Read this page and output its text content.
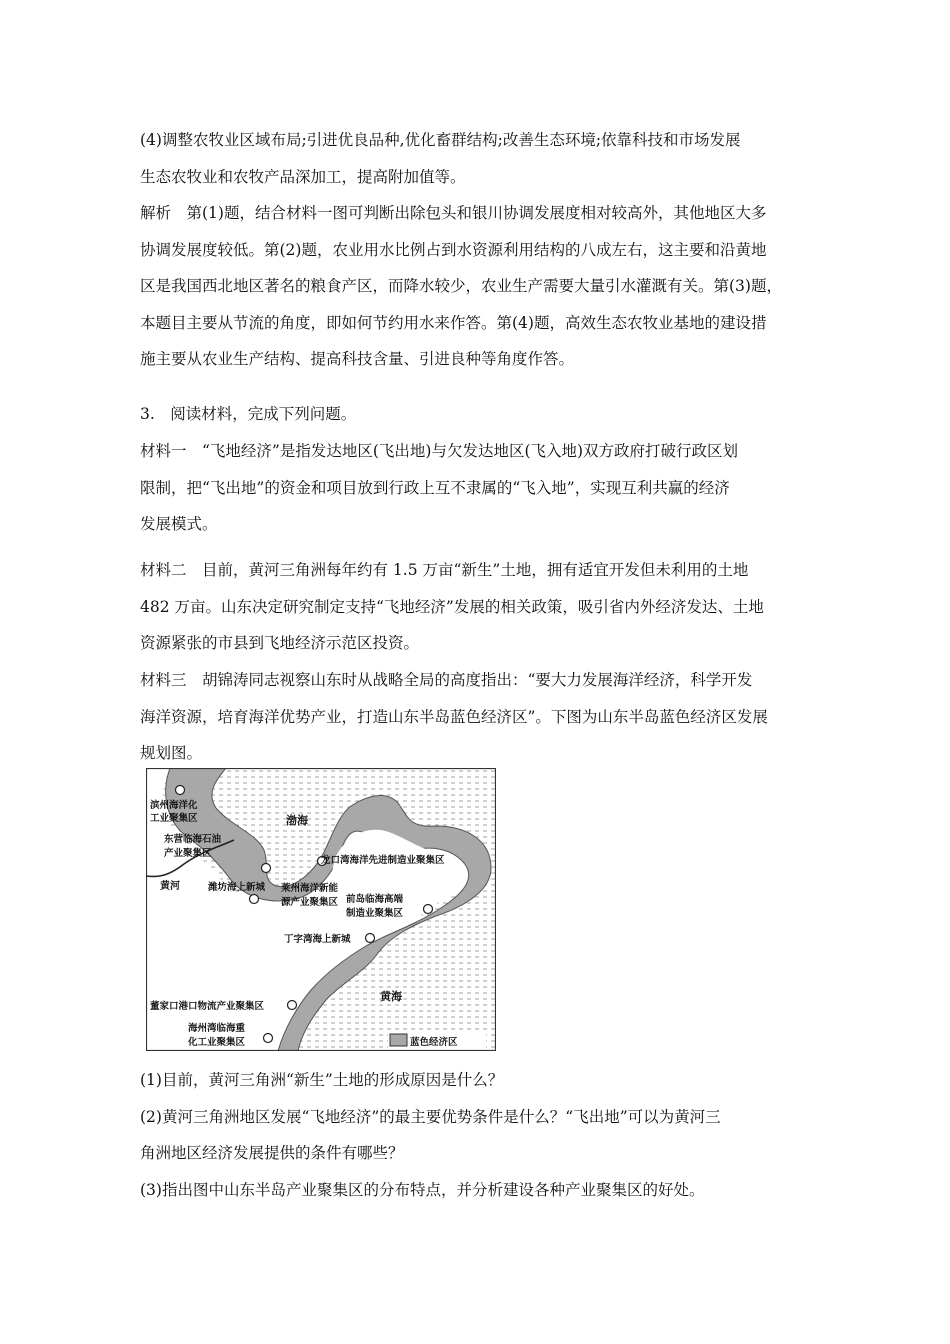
(4)调整农牧业区域布局;引进优良品种,优化畜群结构;改善生态环境;依靠科技和市场发展
生态农牧业和农牧产品深加工，提高附加值等。
解析　第(1)题，结合材料一图可判断出除包头和银川协调发展度相对较高外，其他地区大多
协调发展度较低。第(2)题，农业用水比例占到水资源利用结构的八成左右，这主要和沿黄地
区是我国西北地区著名的粮食产区，而降水较少，农业生产需要大量引水灌溉有关。第(3)题，
本题目主要从节流的角度，即如何节约用水来作答。第(4)题，高效生态农牧业基地的建设措
施主要从农业生产结构、提高科技含量、引进良种等角度作答。
3.　阅读材料，完成下列问题。
材料一　“飞地经济”是指发达地区(飞出地)与欠发达地区(飞入地)双方政府打破行政区划
限制，把“飞出地”的资金和项目放到行政上互不隶属的“飞入地”，实现互利共赢的经济
发展模式。
材料二　目前，黄河三角洲每年约有 1.5 万亩“新生”土地，拥有适宜开发但未利用的土地
482 万亩。山东决定研究制定支持“飞地经济”发展的相关政策，吸引省内外经济发达、土地
资源紧张的市县到飞地经济示范区投资。
材料三　胡锦涛同志视察山东时从战略全局的高度指出：“要大力发展海洋经济，科学开发
海洋资源，培育海洋优势产业，打造山东半岛蓝色经济区”。下图为山东半岛蓝色经济区发展
规划图。
渤海
黄海
黄河
滨州海洋化
工业聚集区
东营临海石油
产业聚集区
潍坊海上新城 莱州海洋新能
源产业聚集区
龙口湾海洋先进制造业聚集区
前岛临海高端
制造业聚集区
丁字湾海上新城
董家口港口物流产业聚集区
海州湾临海重
化工业聚集区	蓝色经济区
(1)目前，黄河三角洲“新生”土地的形成原因是什么？
(2)黄河三角洲地区发展“飞地经济”的最主要优势条件是什么？“飞出地”可以为黄河三
角洲地区经济发展提供的条件有哪些？
(3)指出图中山东半岛产业聚集区的分布特点，并分析建设各种产业聚集区的好处。
